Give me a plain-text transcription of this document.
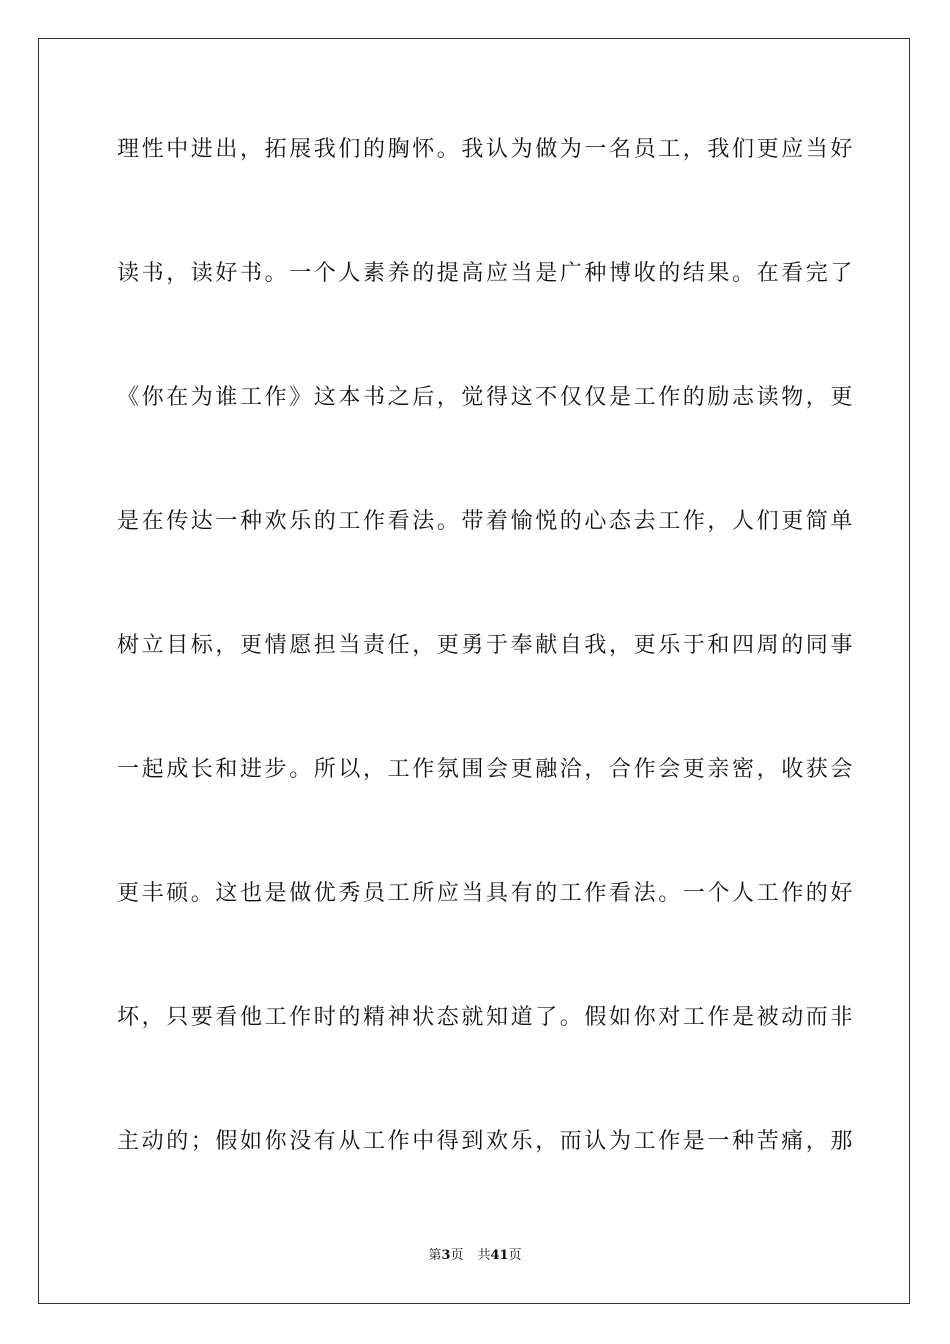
理性中进出，拓展我们的胸怀。我认为做为一名员工，我们更应当好
读书，读好书。一个人素养的提高应当是广种博收的结果。在看完了
《你在为谁工作》这本书之后，觉得这不仅仅是工作的励志读物，更
是在传达一种欢乐的工作看法。带着愉悦的心态去工作，人们更简单
树立目标，更情愿担当责任，更勇于奉献自我，更乐于和四周的同事
一起成长和进步。所以，工作氛围会更融洽，合作会更亲密，收获会
更丰硕。这也是做优秀员工所应当具有的工作看法。一个人工作的好
坏，只要看他工作时的精神状态就知道了。假如你对工作是被动而非
主动的；假如你没有从工作中得到欢乐，而认为工作是一种苦痛，那
第3页 共41页
